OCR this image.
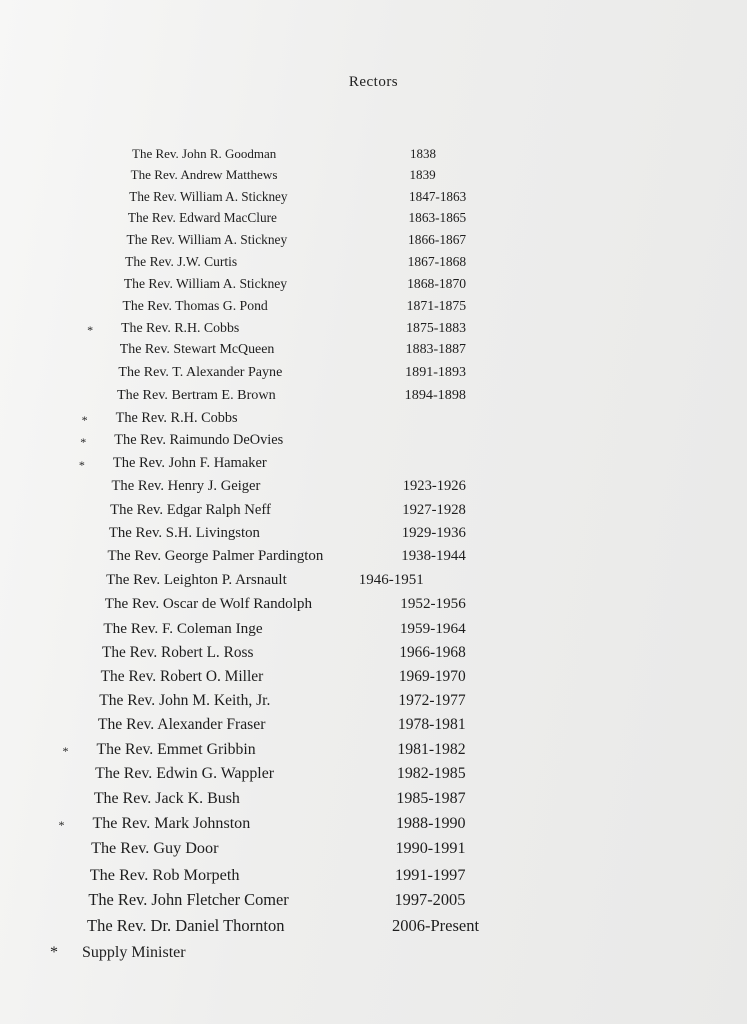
Rectors
The Rev. John R. Goodman	1838
The Rev. Andrew Matthews	1839
The Rev. William A. Stickney	1847-1863
The Rev. Edward MacClure	1863-1865
The Rev. William A. Stickney	1866-1867
The Rev. J.W. Curtis	1867-1868
The Rev. William A. Stickney	1868-1870
The Rev. Thomas G. Pond	1871-1875
* The Rev. R.H. Cobbs	1875-1883
The Rev. Stewart McQueen	1883-1887
The Rev. T. Alexander Payne	1891-1893
The Rev. Bertram E. Brown	1894-1898
* The Rev. R.H. Cobbs
* The Rev. Raimundo DeOvies
* The Rev. John F. Hamaker
The Rev. Henry J. Geiger	1923-1926
The Rev. Edgar Ralph Neff	1927-1928
The Rev. S.H. Livingston	1929-1936
The Rev. George Palmer Pardington	1938-1944
The Rev. Leighton P. Arsnault	1946-1951
The Rev. Oscar de Wolf Randolph	1952-1956
The Rev. F. Coleman Inge	1959-1964
The Rev. Robert L. Ross	1966-1968
The Rev. Robert O. Miller	1969-1970
The Rev. John M. Keith, Jr.	1972-1977
The Rev. Alexander Fraser	1978-1981
* The Rev. Emmet Gribbin	1981-1982
The Rev. Edwin G. Wappler	1982-1985
The Rev. Jack K. Bush	1985-1987
* The Rev. Mark Johnston	1988-1990
The Rev. Guy Door	1990-1991
The Rev. Rob Morpeth	1991-1997
The Rev. John Fletcher Comer	1997-2005
The Rev. Dr. Daniel Thornton	2006-Present
* Supply Minister
